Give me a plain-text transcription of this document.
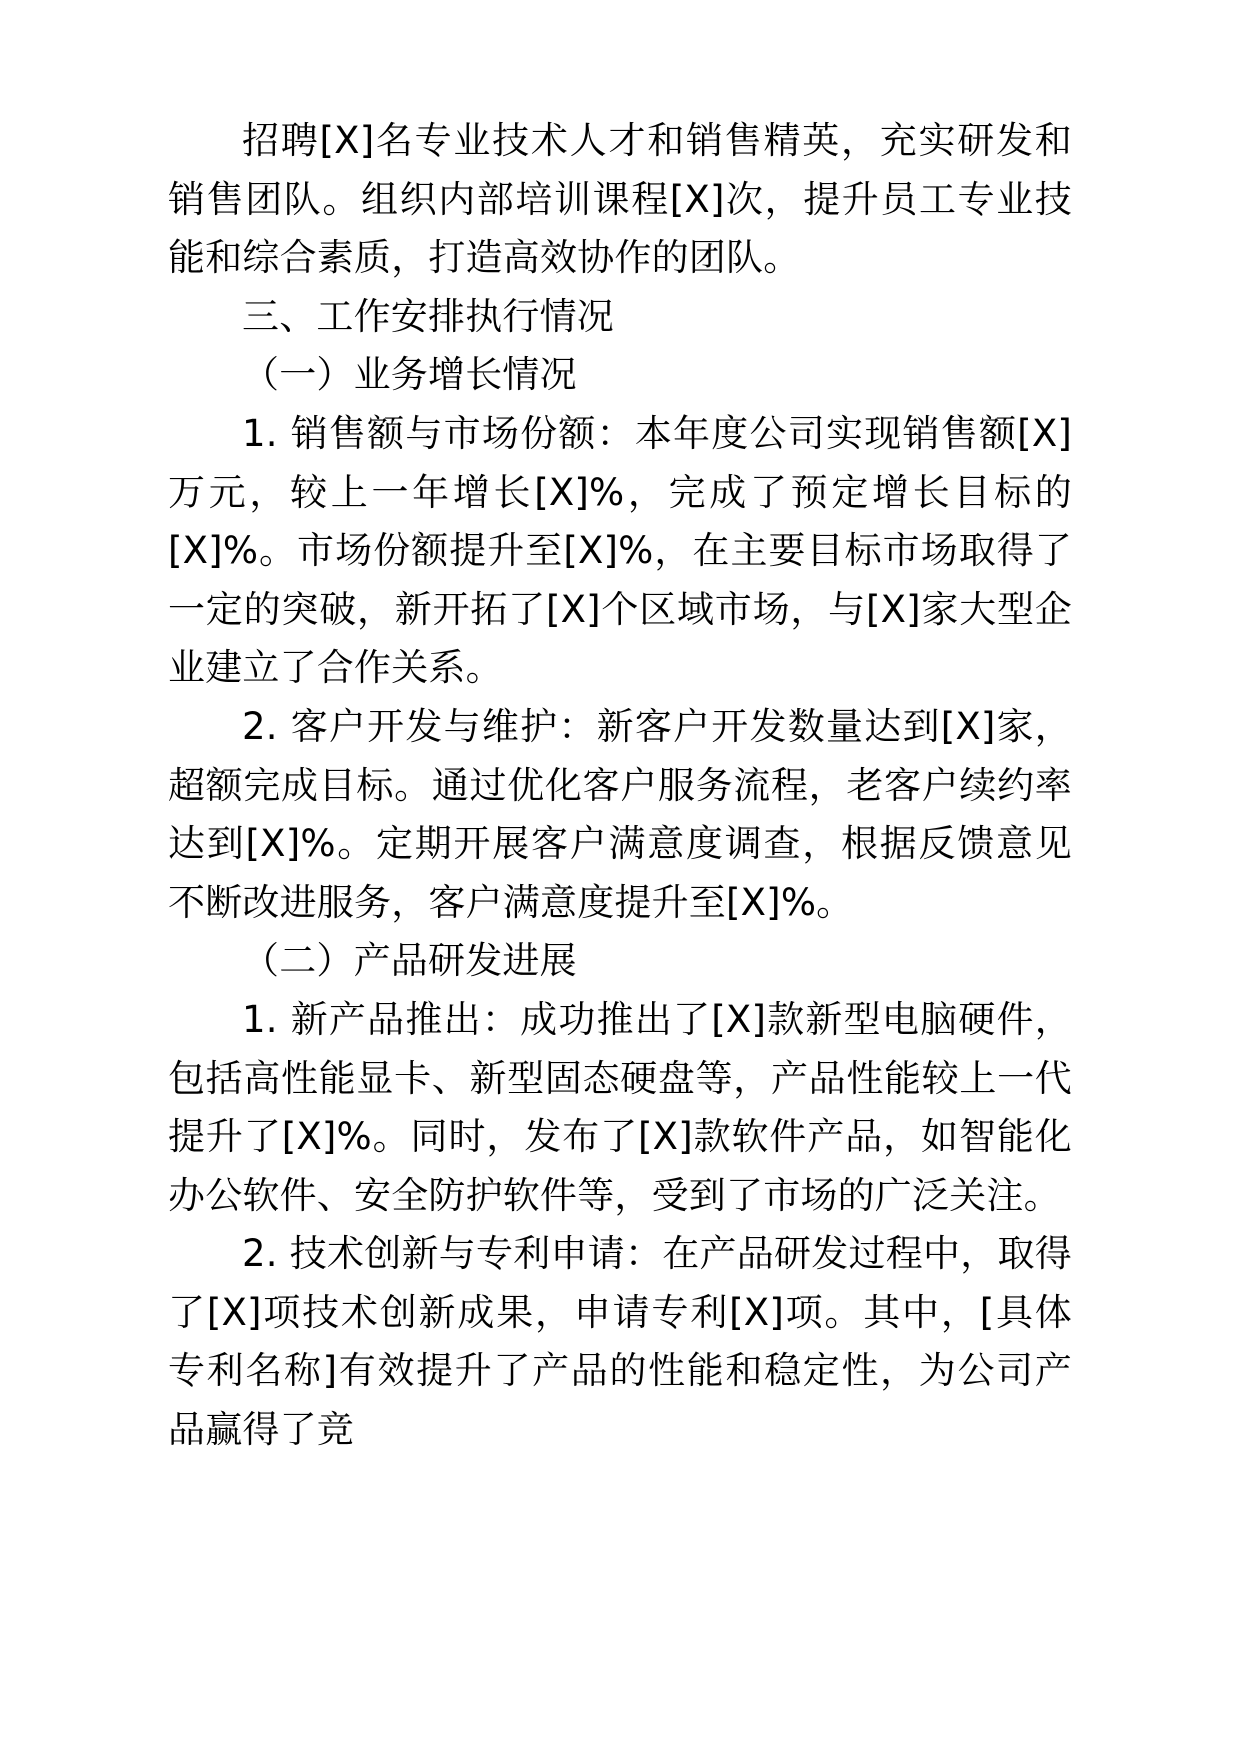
招聘[X]名专业技术人才和销售精英，充实研发和销售团队。组织内部培训课程[X]次，提升员工专业技能和综合素质，打造高效协作的团队。

三、工作安排执行情况

（一）业务增长情况

1. 销售额与市场份额：本年度公司实现销售额[X]万元，较上一年增长[X]%，完成了预定增长目标的[X]%。市场份额提升至[X]%，在主要目标市场取得了一定的突破，新开拓了[X]个区域市场，与[X]家大型企业建立了合作关系。

2. 客户开发与维护：新客户开发数量达到[X]家，超额完成目标。通过优化客户服务流程，老客户续约率达到[X]%。定期开展客户满意度调查，根据反馈意见不断改进服务，客户满意度提升至[X]%。

（二）产品研发进展

1. 新产品推出：成功推出了[X]款新型电脑硬件，包括高性能显卡、新型固态硬盘等，产品性能较上一代提升了[X]%。同时，发布了[X]款软件产品，如智能化办公软件、安全防护软件等，受到了市场的广泛关注。

2. 技术创新与专利申请：在产品研发过程中，取得了[X]项技术创新成果，申请专利[X]项。其中，[具体专利名称]有效提升了产品的性能和稳定性，为公司产品赢得了竞
